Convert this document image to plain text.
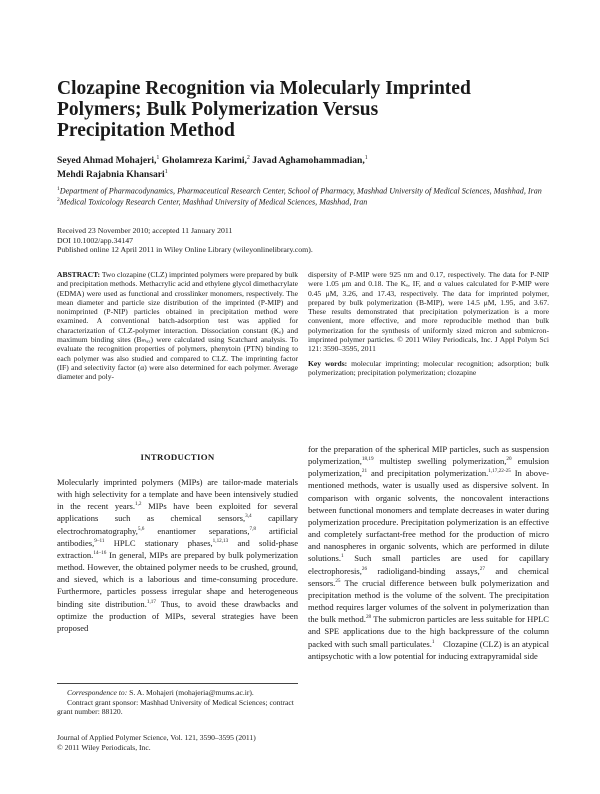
Clozapine Recognition via Molecularly Imprinted
Polymers; Bulk Polymerization Versus
Precipitation Method
Seyed Ahmad Mohajeri,$^1$ Gholamreza Karimi,$^2$ Javad Aghamohammadian,$^1$
Mehdi Rajabnia Khansari$^1$

$^1$Department of Pharmacodynamics, Pharmaceutical Research Center, School of Pharmacy, Mashhad University of Medical Sciences, Mashhad, Iran

$^2$Medical Toxicology Research Center, Mashhad University of Medical Sciences, Mashhad, Iran

Received 23 November 2010; accepted 11 January 2011

DOI 10.1002/app.34147

Published online 12 April 2011 in Wiley Online Library (wileyonlinelibrary.com).

ABSTRACT: Two clozapine (CLZ) imprinted polymers were prepared by bulk and precipitation methods. Methacrylic acid and ethylene glycol dimethacrylate (EDMA) were used as functional and crosslinker monomers, respectively. The mean diameter and particle size distribution of the imprinted (P-MIP) and nonimprinted (P-NIP) particles obtained in precipitation method were examined. A conventional batch-adsorption test was applied for characterization of CLZ-polymer interaction. Dissociation constant (Kₑ) and maximum binding sites (Bₘₐₓ) were calculated using Scatchard analysis. To evaluate the recognition properties of polymers, phenytoin (PTN) binding to each polymer was also studied and compared to CLZ. The imprinting factor (IF) and selectivity factor (α) were also determined for each polymer. Average diameter and poly-

dispersity of P-MIP were 925 nm and 0.17, respectively. The data for P-NIP were 1.05 μm and 0.18. The Kₑ, IF, and α values calculated for P-MIP were 0.45 μM, 3.26, and 17.43, respectively. The data for imprinted polymer, prepared by bulk polymerization (B-MIP), were 14.5 μM, 1.95, and 3.67. These results demonstrated that precipitation polymerization is a more convenient, more effective, and more reproducible method than bulk polymerization for the synthesis of uniformly sized micron and submicron-imprinted polymer particles. © 2011 Wiley Periodicals, Inc. J Appl Polym Sci 121: 3590–3595, 2011

Key words: molecular imprinting; molecular recognition; adsorption; bulk polymerization; precipitation polymerization; clozapine

INTRODUCTION

Molecularly imprinted polymers (MIPs) are tailor-made materials with high selectivity for a template and have been intensively studied in the recent years.$^{1,2}$ MIPs have been exploited for several applications such as chemical sensors,$^{3,4}$ capillary electrochromatography,$^{5,6}$ enantiomer separations,$^{7,8}$ artificial antibodies,$^{9-11}$ HPLC stationary phases,$^{1,12,13}$ and solid-phase extraction.$^{14-16}$ In general, MIPs are prepared by bulk polymerization method. However, the obtained polymer needs to be crushed, ground, and sieved, which is a laborious and time-consuming procedure. Furthermore, particles possess irregular shape and heterogeneous binding site distribution.$^{1,17}$ Thus, to avoid these drawbacks and optimize the production of MIPs, several strategies have been proposed

for the preparation of the spherical MIP particles, such as suspension polymerization,$^{18,19}$ multistep swelling polymerization,$^{20}$ emulsion polymerization,$^{21}$ and precipitation polymerization.$^{1,17,22-25}$ In above-mentioned methods, water is usually used as dispersive solvent. In comparison with organic solvents, the noncovalent interactions between functional monomers and template decreases in water during polymerization procedure. Precipitation polymerization is an effective and completely surfactant-free method for the production of micro and nanospheres in organic solvents, which are performed in dilute solutions.$^1$ Such small particles are used for capillary electrophoresis,$^{26}$ radioligand-binding assays,$^{27}$ and chemical sensors.$^{25}$ The crucial difference between bulk polymerization and precipitation method is the volume of the solvent. The precipitation method requires larger volumes of the solvent in polymerization than the bulk method.$^{28}$ The submicron particles are less suitable for HPLC and SPE applications due to the high backpressure of the column packed with such small particulates.$^1$ Clozapine (CLZ) is an atypical antipsychotic with a low potential for inducing extrapyramidal side

Correspondence to: S. A. Mohajeri (mohajeria@mums.ac.ir).

Contract grant sponsor: Mashhad University of Medical Sciences; contract grant number: 88120.

Journal of Applied Polymer Science, Vol. 121, 3590–3595 (2011)

© 2011 Wiley Periodicals, Inc.
